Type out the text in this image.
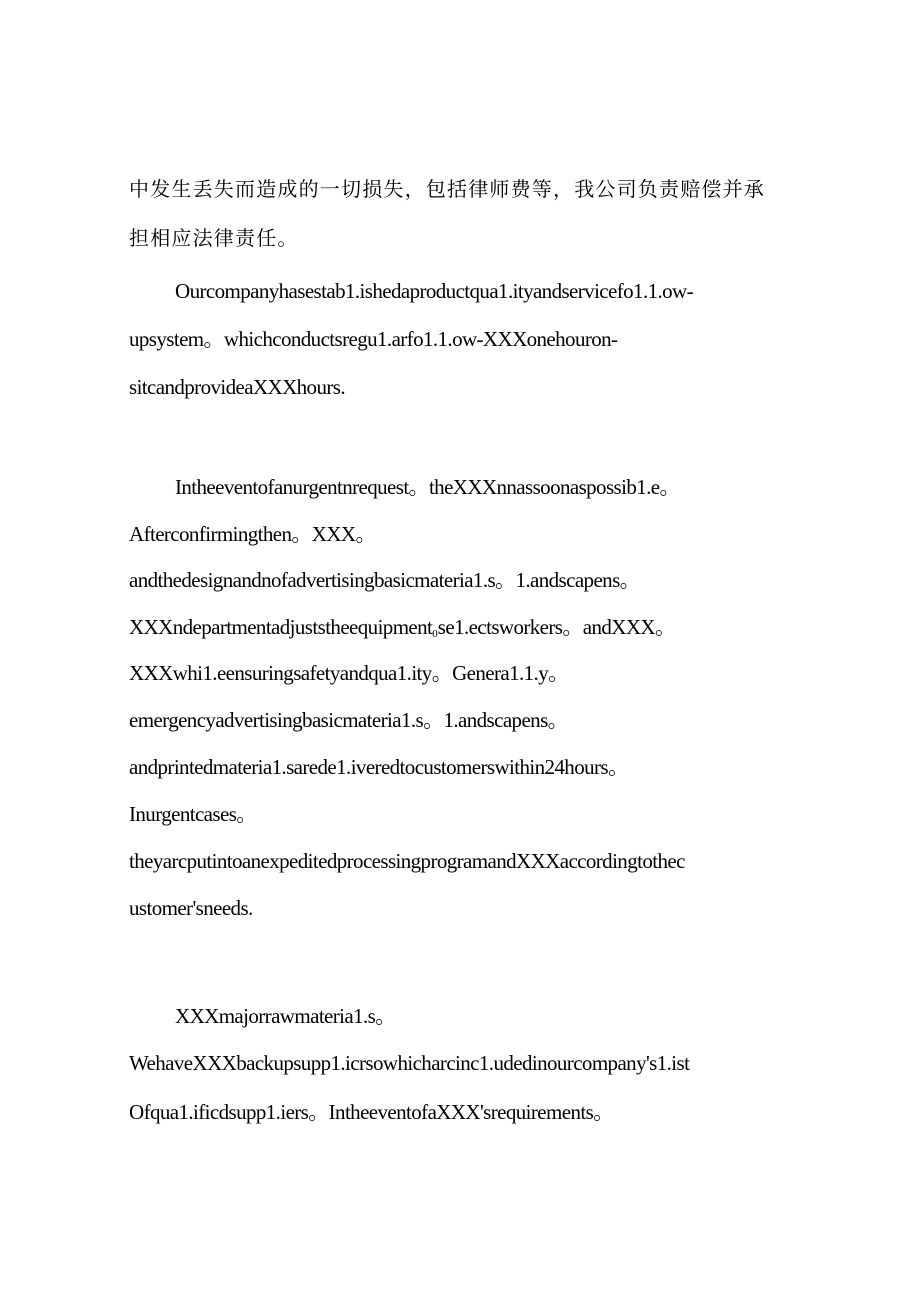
中发生丢失而造成的一切损失，包括律师费等，我公司负责赔偿并承
担相应法律责任。
Ourcompanyhasestab1.ishedaproductqua1.ityandservicefo1.1.ow-
upsystem。whichconductsregu1.arfo1.1.ow-XXXonehouron-
sitcandprovideaXXXhours.
Intheeventofanurgentnrequest。theXXXnnassoonaspossib1.e。
Afterconfirmingthen。XXX。
andthedesignandnofadvertisingbasicmateria1.s。1.andscapens。
XXXndepartmentadjuststheequipment$_0$se1.ectsworkers。andXXX。
XXXwhi1.eensuringsafetyandqua1.ity。Genera1.1.y。
emergencyadvertisingbasicmateria1.s。1.andscapens。
andprintedmateria1.sarede1.iveredtocustomerswithin24hours。
Inurgentcases。
theyarcputintoanexpeditedprocessingprogramandXXXaccordingtothec
ustomer'sneeds.
XXXmajorrawmateria1.s。
WehaveXXXbackupsupp1.icrsowhicharcinc1.udedinourcompany's1.ist
Ofqua1.ificdsupp1.iers。IntheeventofaXXX'srequirements。
